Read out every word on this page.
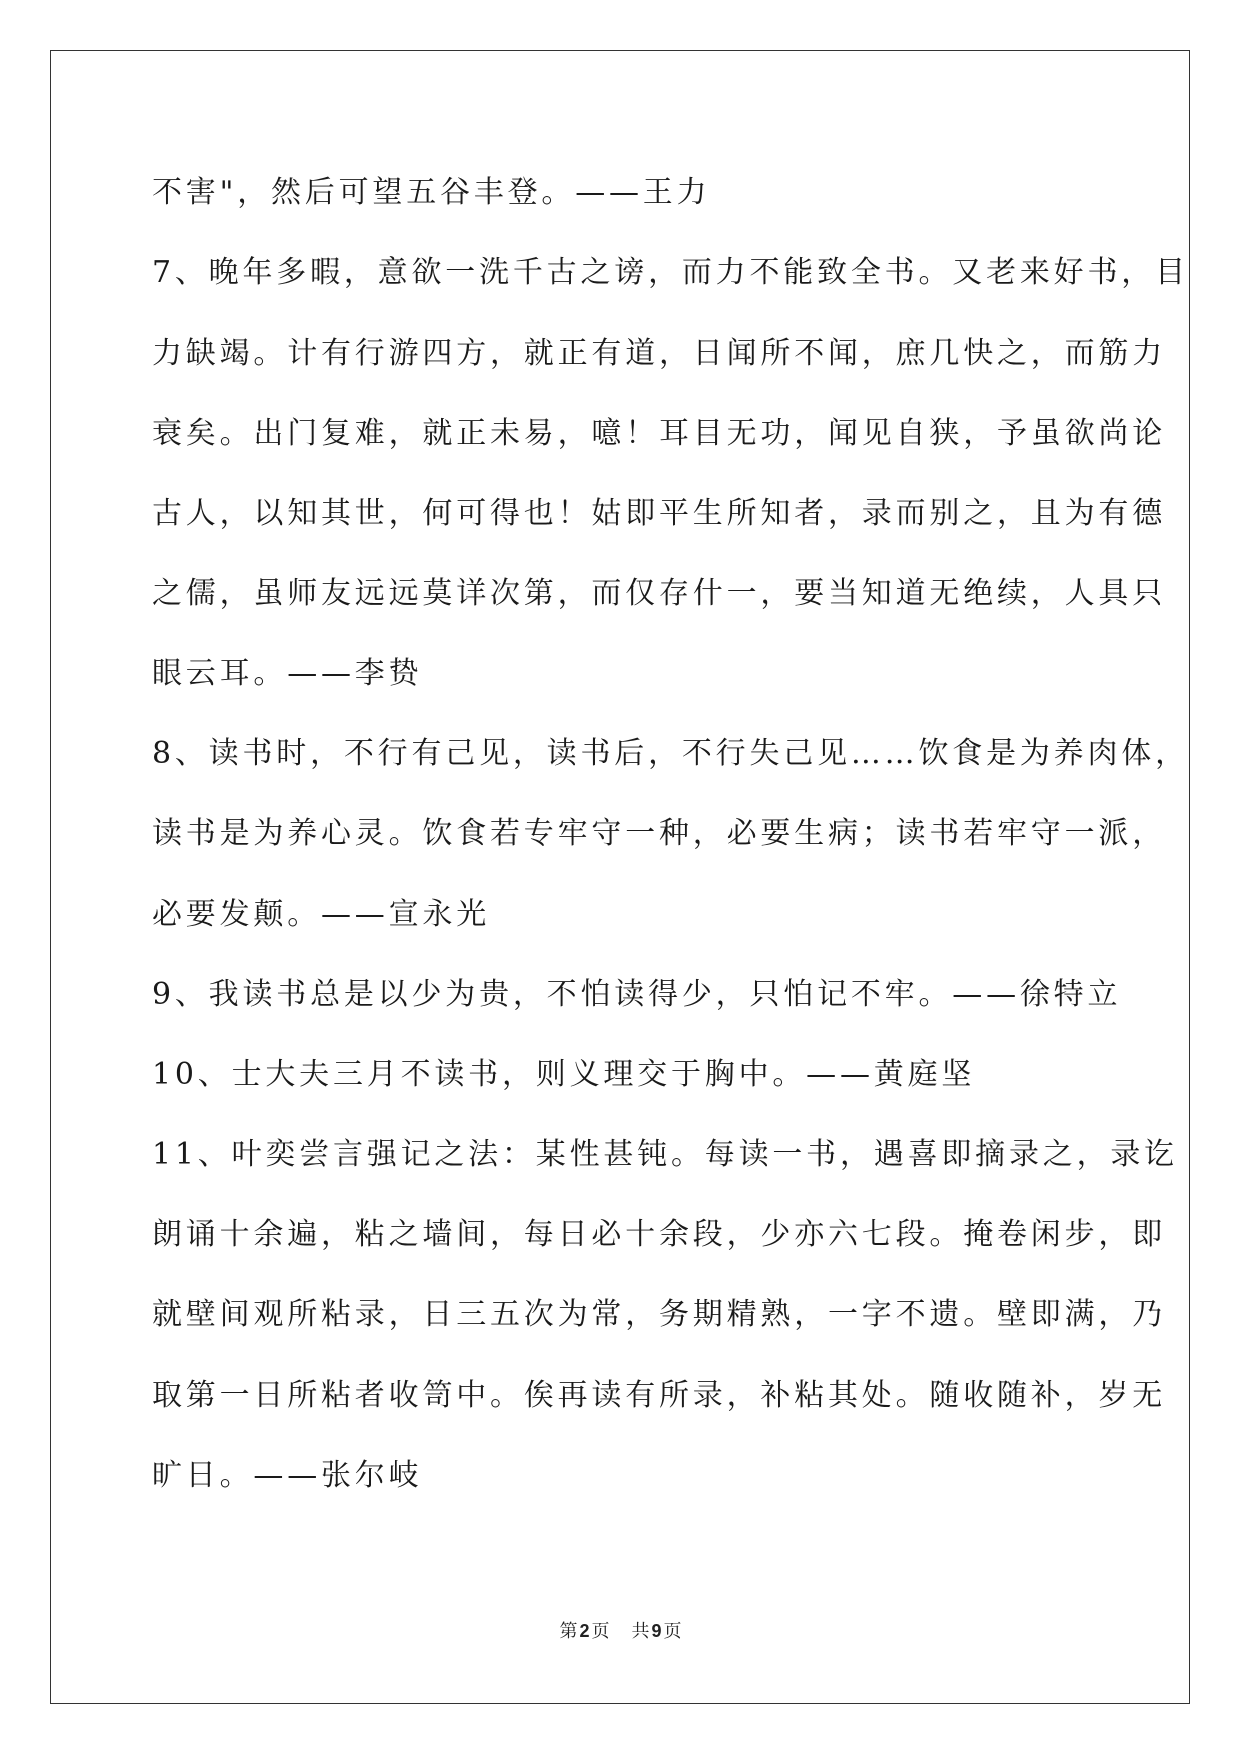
不害"，然后可望五谷丰登。——王力
7、晚年多暇，意欲一洗千古之谤，而力不能致全书。又老来好书，目
力缺竭。计有行游四方，就正有道，日闻所不闻，庶几快之，而筋力
衰矣。出门复难，就正未易，噫！耳目无功，闻见自狭，予虽欲尚论
古人，以知其世，何可得也！姑即平生所知者，录而别之，且为有德
之儒，虽师友远远莫详次第，而仅存什一，要当知道无绝续，人具只
眼云耳。——李贽
8、读书时，不行有己见，读书后，不行失己见……饮食是为养肉体，
读书是为养心灵。饮食若专牢守一种，必要生病；读书若牢守一派，
必要发颠。——宣永光
9、我读书总是以少为贵，不怕读得少，只怕记不牢。——徐特立
10、士大夫三月不读书，则义理交于胸中。——黄庭坚
11、叶奕尝言强记之法：某性甚钝。每读一书，遇喜即摘录之，录讫
朗诵十余遍，粘之墙间，每日必十余段，少亦六七段。掩卷闲步，即
就壁间观所粘录，日三五次为常，务期精熟，一字不遗。壁即满，乃
取第一日所粘者收笥中。俟再读有所录，补粘其处。随收随补，岁无
旷日。——张尔岐
第 2 页 共 9 页
